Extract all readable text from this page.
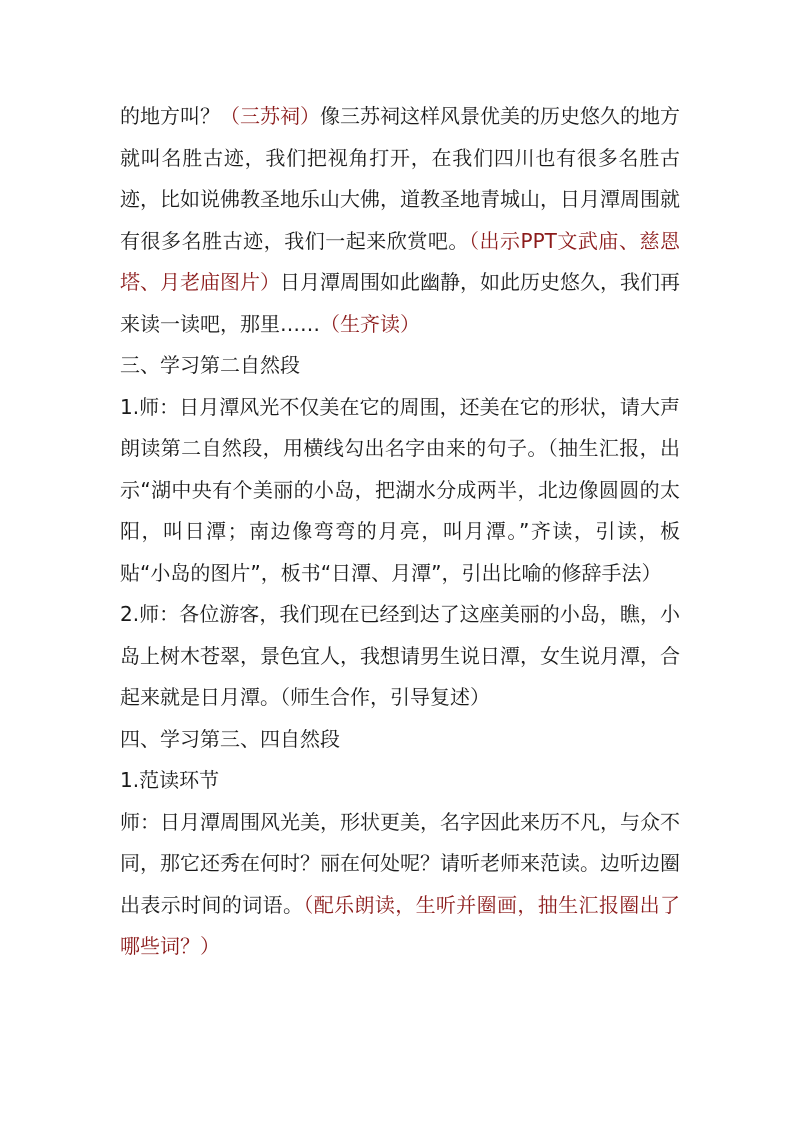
的地方叫？（三苏祠）像三苏祠这样风景优美的历史悠久的地方就叫名胜古迹，我们把视角打开，在我们四川也有很多名胜古迹，比如说佛教圣地乐山大佛，道教圣地青城山，日月潭周围就有很多名胜古迹，我们一起来欣赏吧。（出示PPT文武庙、慈恩塔、月老庙图片）日月潭周围如此幽静，如此历史悠久，我们再来读一读吧，那里……（生齐读）

三、学习第二自然段

1.师：日月潭风光不仅美在它的周围，还美在它的形状，请大声朗读第二自然段，用横线勾出名字由来的句子。（抽生汇报，出示“湖中央有个美丽的小岛，把湖水分成两半，北边像圆圆的太阳，叫日潭；南边像弯弯的月亮，叫月潭。”齐读，引读，板贴“小岛的图片”，板书“日潭、月潭”，引出比喻的修辞手法）

2.师：各位游客，我们现在已经到达了这座美丽的小岛，瞧，小岛上树木苍翠，景色宜人，我想请男生说日潭，女生说月潭，合起来就是日月潭。（师生合作，引导复述）

四、学习第三、四自然段

1.范读环节

师：日月潭周围风光美，形状更美，名字因此来历不凡，与众不同，那它还秀在何时？丽在何处呢？请听老师来范读。边听边圈出表示时间的词语。（配乐朗读，生听并圈画，抽生汇报圈出了哪些词？）
